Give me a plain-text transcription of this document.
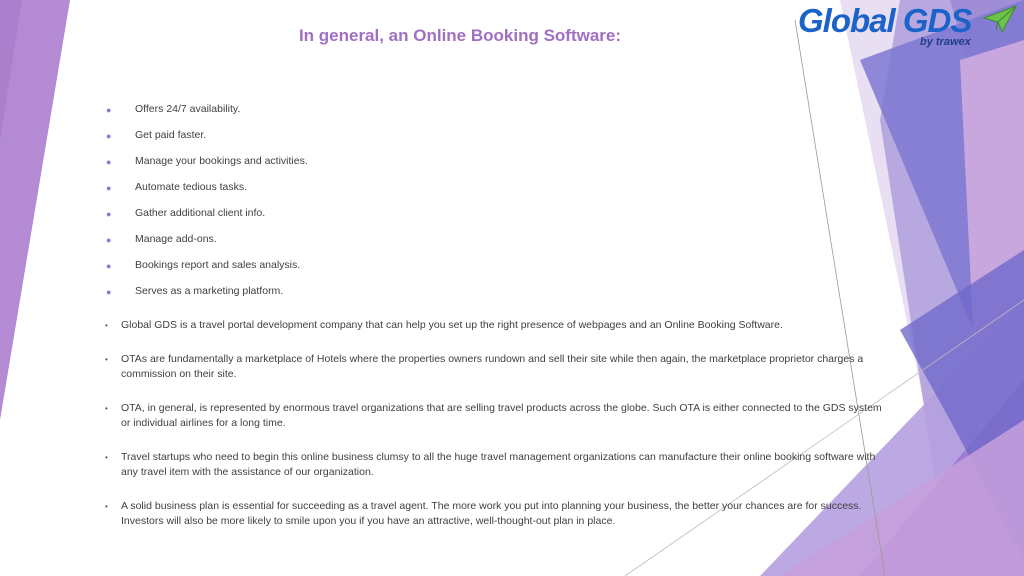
In general, an Online Booking Software:	Global GDS
by trawex
● Offers 24/7 availability.
● Get paid faster.
● Manage your bookings and activities.
● Automate tedious tasks.
● Gather additional client info.
● Manage add-ons.
● Bookings report and sales analysis.
● Serves as a marketing platform.
• Global GDS is a travel portal development company that can help you set up the right presence of webpages and an Online Booking Software.
• OTAs are fundamentally a marketplace of Hotels where the properties owners rundown and sell their site while then again, the marketplace proprietor charges a commission on their site.
• OTA, in general, is represented by enormous travel organizations that are selling travel products across the globe. Such OTA is either connected to the GDS system or individual airlines for a long time.
• Travel startups who need to begin this online business clumsy to all the huge travel management organizations can manufacture their online booking software with any travel item with the assistance of our organization.
• A solid business plan is essential for succeeding as a travel agent. The more work you put into planning your business, the better your chances are for success. Investors will also be more likely to smile upon you if you have an attractive, well-thought-out plan in place.
